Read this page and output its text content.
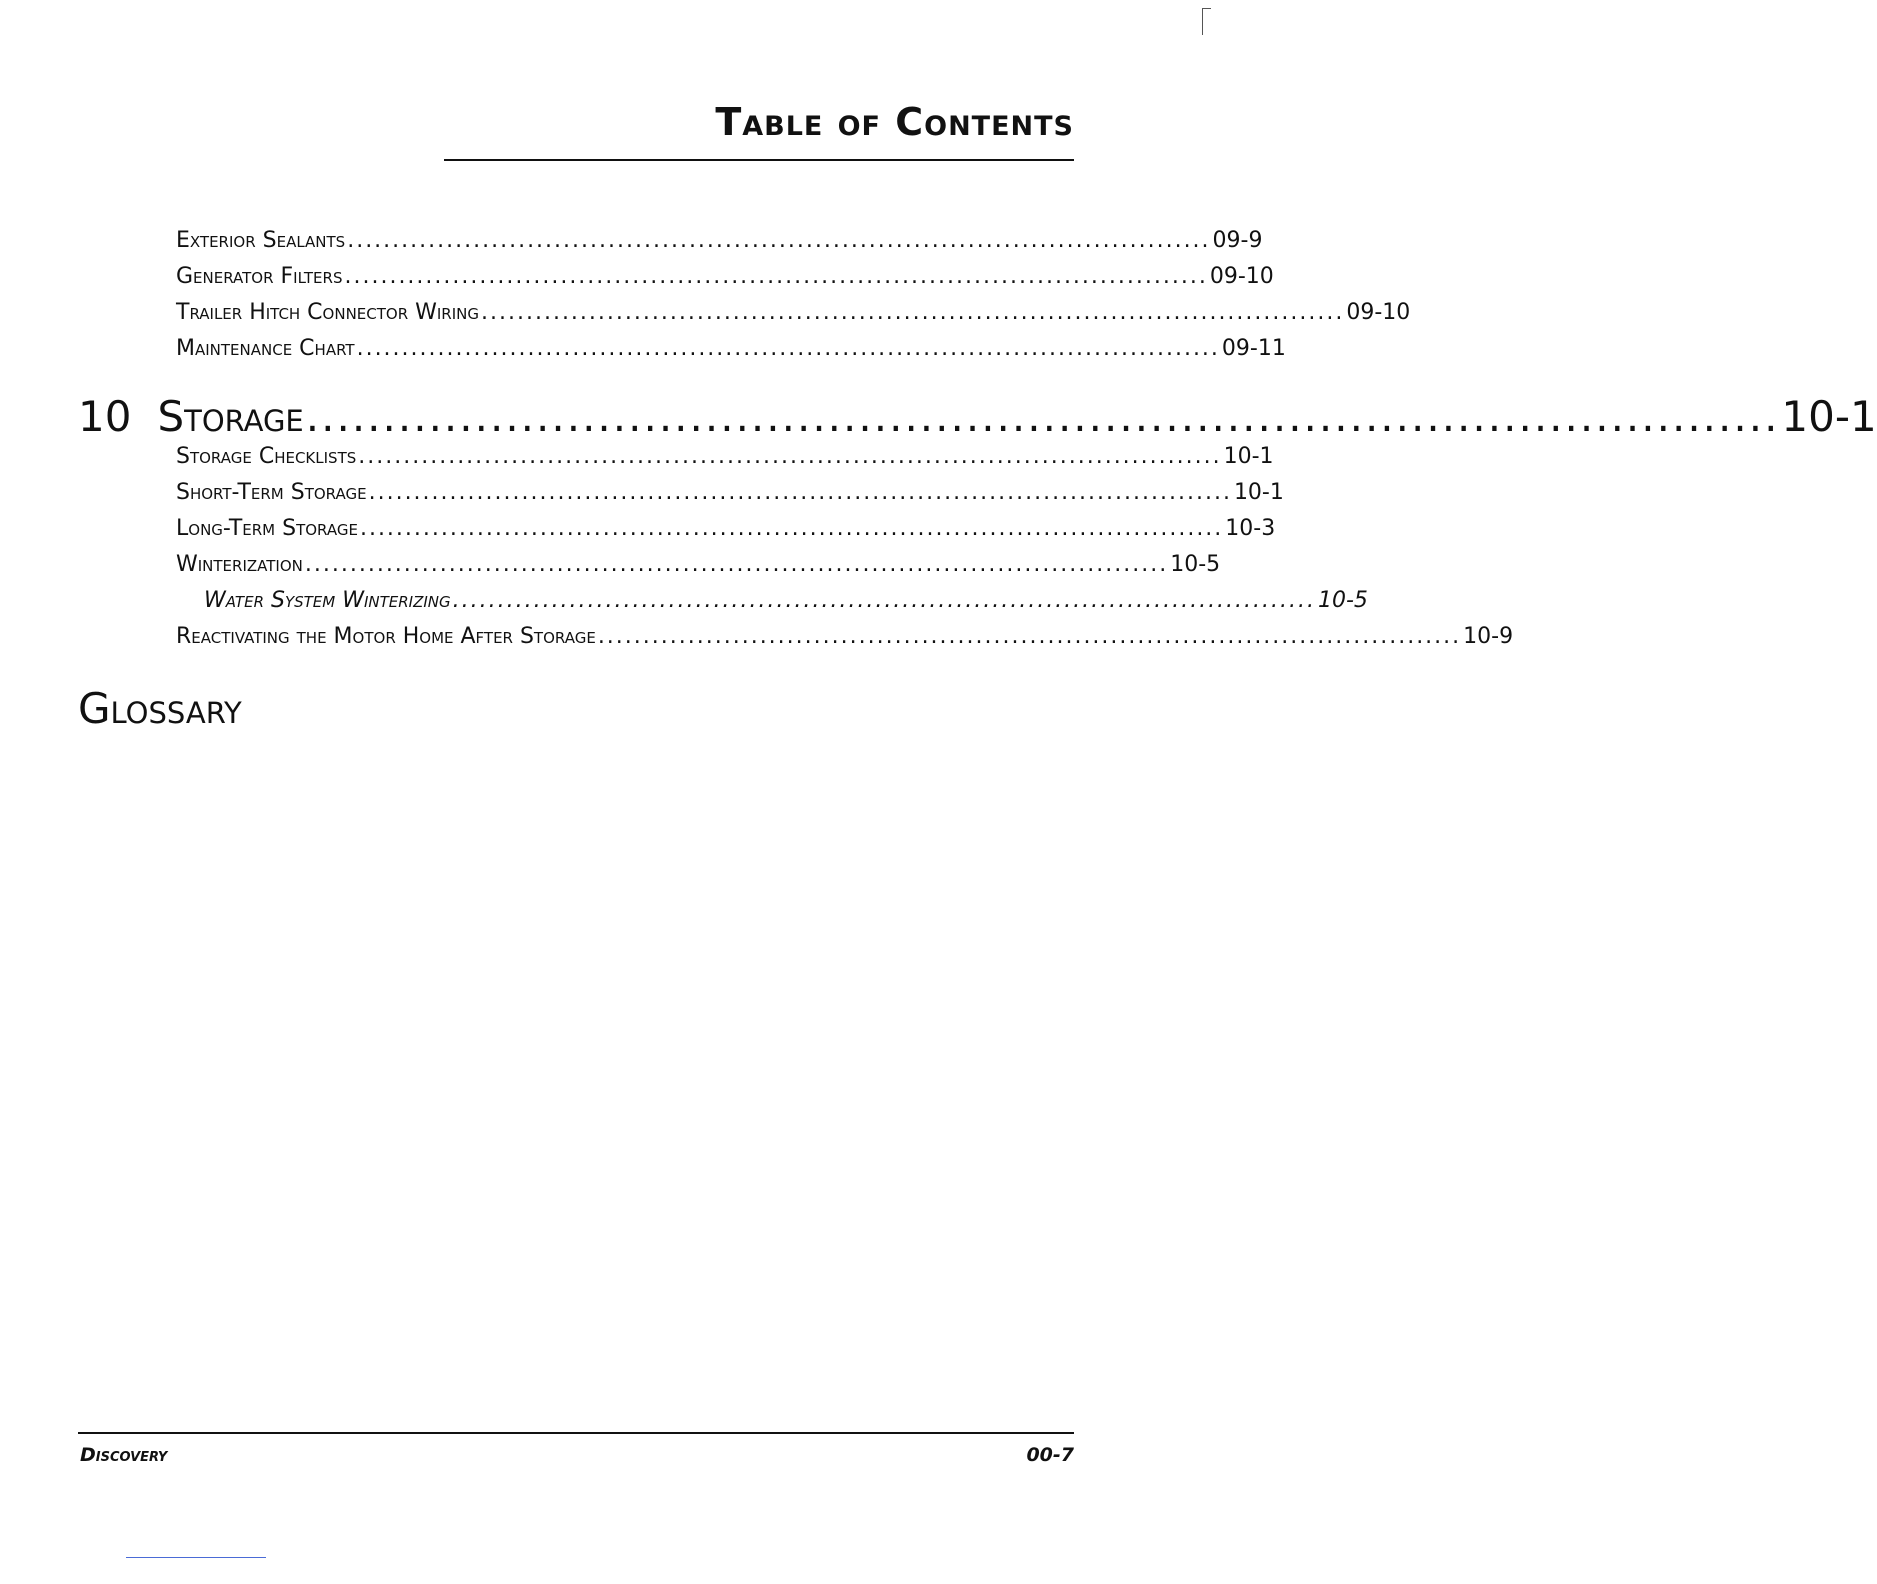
Table of Contents
Exterior Sealants ................................................................................................ 09-9
Generator Filters ................................................................................................ 09-10
Trailer Hitch Connector Wiring ................................................................................................ 09-10
Maintenance Chart ................................................................................................ 09-11
10 Storage ................................................................................................ 10-1
Storage Checklists ................................................................................................ 10-1
Short-Term Storage ................................................................................................ 10-1
Long-Term Storage ................................................................................................ 10-3
Winterization ................................................................................................ 10-5
Water System Winterizing ................................................................................................ 10-5
Reactivating the Motor Home After Storage ................................................................................................ 10-9
Glossary
Discovery	00-7
